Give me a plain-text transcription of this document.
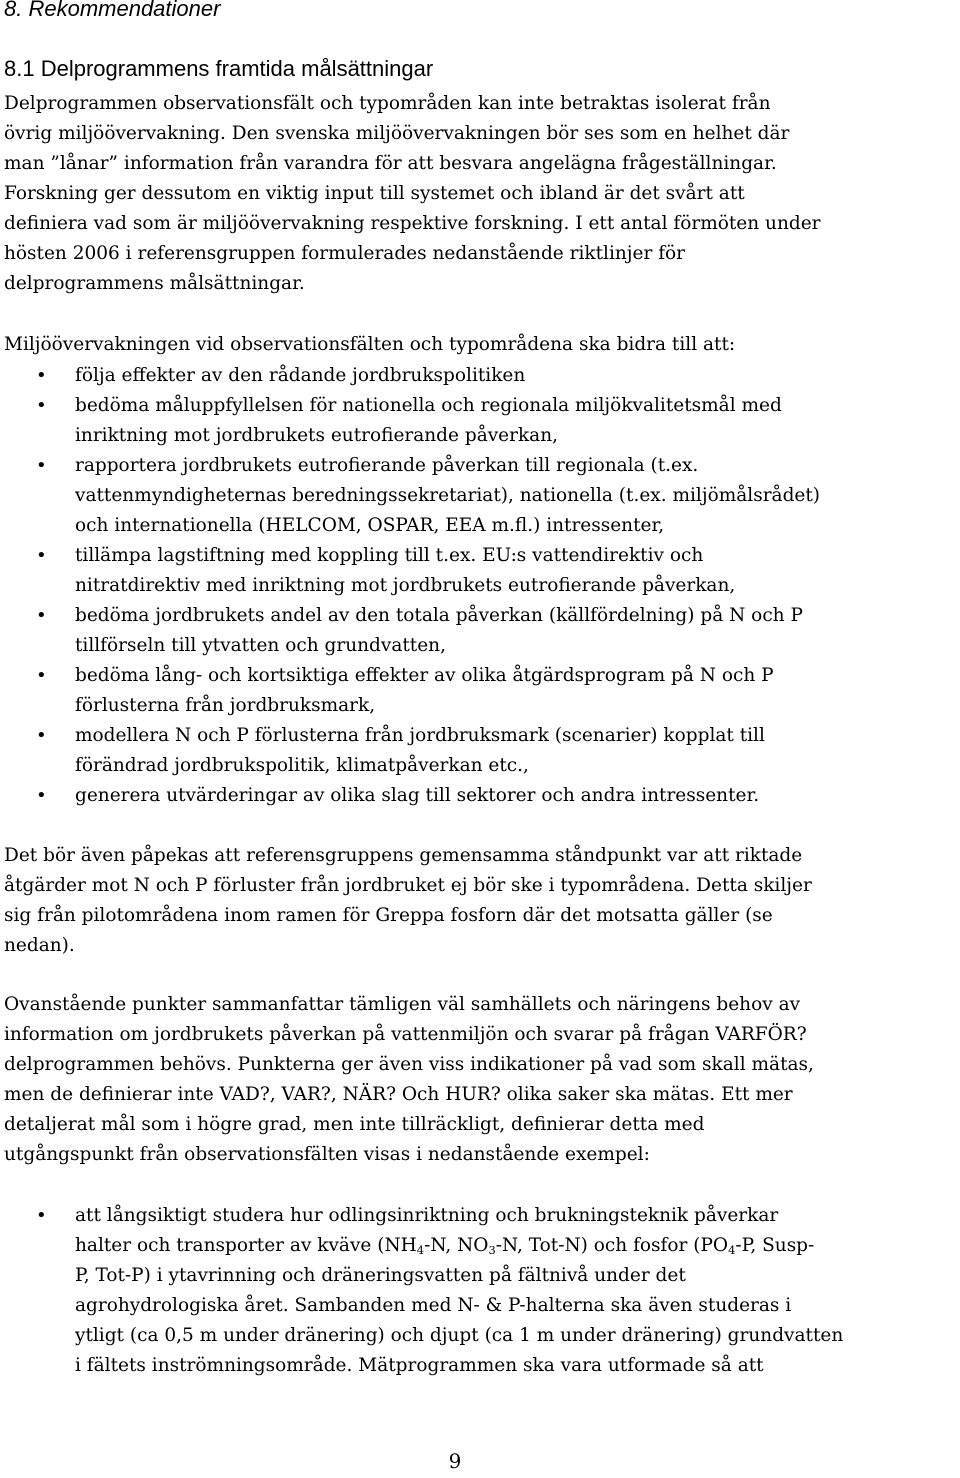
8. Rekommendationer
8.1 Delprogrammens framtida målsättningar
Delprogrammen observationsfält och typområden kan inte betraktas isolerat från
övrig miljöövervakning. Den svenska miljöövervakningen bör ses som en helhet där
man ”lånar” information från varandra för att besvara angelägna frågeställningar.
Forskning ger dessutom en viktig input till systemet och ibland är det svårt att
definiera vad som är miljöövervakning respektive forskning. I ett antal förmöten under
hösten 2006 i referensgruppen formulerades nedanstående riktlinjer för
delprogrammens målsättningar.
Miljöövervakningen vid observationsfälten och typområdena ska bidra till att:
• följa effekter av den rådande jordbrukspolitiken
• bedöma måluppfyllelsen för nationella och regionala miljökvalitetsmål med
inriktning mot jordbrukets eutrofierande påverkan,
• rapportera jordbrukets eutrofierande påverkan till regionala (t.ex.
vattenmyndigheternas beredningssekretariat), nationella (t.ex. miljömålsrådet)
och internationella (HELCOM, OSPAR, EEA m.fl.) intressenter,
• tillämpa lagstiftning med koppling till t.ex. EU:s vattendirektiv och
nitratdirektiv med inriktning mot jordbrukets eutrofierande påverkan,
• bedöma jordbrukets andel av den totala påverkan (källfördelning) på N och P
tillförseln till ytvatten och grundvatten,
• bedöma lång- och kortsiktiga effekter av olika åtgärdsprogram på N och P
förlusterna från jordbruksmark,
• modellera N och P förlusterna från jordbruksmark (scenarier) kopplat till
förändrad jordbrukspolitik, klimatpåverkan etc.,
• generera utvärderingar av olika slag till sektorer och andra intressenter.
Det bör även påpekas att referensgruppens gemensamma ståndpunkt var att riktade
åtgärder mot N och P förluster från jordbruket ej bör ske i typområdena. Detta skiljer
sig från pilotområdena inom ramen för Greppa fosforn där det motsatta gäller (se
nedan).
Ovanstående punkter sammanfattar tämligen väl samhällets och näringens behov av
information om jordbrukets påverkan på vattenmiljön och svarar på frågan VARFÖR?
delprogrammen behövs. Punkterna ger även viss indikationer på vad som skall mätas,
men de definierar inte VAD?, VAR?, NÄR? Och HUR? olika saker ska mätas. Ett mer
detaljerat mål som i högre grad, men inte tillräckligt, definierar detta med
utgångspunkt från observationsfälten visas i nedanstående exempel:
• att långsiktigt studera hur odlingsinriktning och brukningsteknik påverkar
halter och transporter av kväve ($NH_4-N$, $NO_3-N$, Tot-N) och fosfor ($PO_4-P$, Susp-
P, Tot-P) i ytavrinning och dräneringsvatten på fältnivå under det
agrohydrologiska året. Sambanden med N- & P-halterna ska även studeras i
ytligt (ca 0,5 m under dränering) och djupt (ca 1 m under dränering) grundvatten
i fältets inströmningsområde. Mätprogrammen ska vara utformade så att
9
